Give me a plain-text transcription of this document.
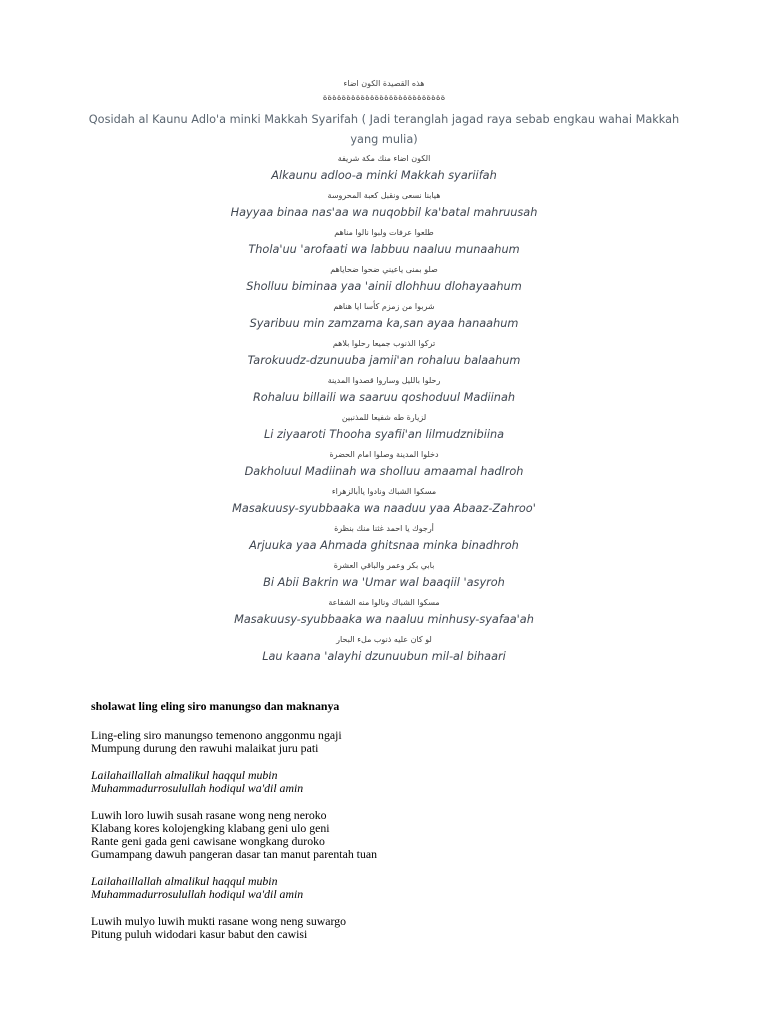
هذه القصيدة الكون اضاء
ةةةةةةةةةةةةةةةةةةةةةةةةةة
Qosidah al Kaunu Adlo'a minki Makkah Syarifah ( Jadi teranglah jagad raya sebab engkau wahai Makkah yang mulia)
الكون اضاء منك مكة شريفة
Alkaunu adloo-a minki Makkah syariifah
هيابنا نسعى ونقبل كعبة المحروسة
Hayyaa binaa nas'aa wa nuqobbil ka'batal mahruusah
طلعوا عرفات ولبوا نالوا مناهم
Thola'uu 'arofaati wa labbuu naaluu munaahum
صلو بمنى ياعيني ضحوا ضحاياهم
Sholluu biminaa yaa 'ainii dlohhuu dlohayaahum
شربوا من زمزم كأسا ايا هناهم
Syaribuu min zamzama ka,san ayaa hanaahum
تركوا الذنوب جميعا رحلوا بلاهم
Tarokuudz-dzunuuba jamii'an rohaluu balaahum
رحلوا بالليل وساروا قصدوا المدينة
Rohaluu billaili wa saaruu qoshoduul Madiinah
لزيارة طه شفيعا للمذنبين
Li ziyaaroti Thooha syafii'an lilmudznibiina
دخلوا المدينة وصلوا امام الحضرة
Dakholuul Madiinah wa sholluu amaamal hadlroh
مسكوا الشباك ونادوا ياأبالزهراء
Masakuusy-syubbaaka wa naaduu yaa Abaaz-Zahroo'
أرجوك يا احمد غثنا منك بنظرة
Arjuuka yaa Ahmada ghitsnaa minka binadhroh
بابي بكر وعمر والباقي العشرة
Bi Abii Bakrin wa 'Umar wal baaqiil 'asyroh
مسكوا الشباك ونالوا منه الشفاعة
Masakuusy-syubbaaka wa naaluu minhusy-syafaa'ah
لو كان عليه ذنوب ملء البحار
Lau kaana 'alayhi dzunuubun mil-al bihaari
sholawat ling eling siro manungso dan maknanya
Ling-eling siro manungso temenono anggonmu ngaji
Mumpung durung den rawuhi malaikat juru pati
Lailahaillallah almalikul haqqul mubin
Muhammadurrosulullah hodiqul wa'dil amin
Luwih loro luwih susah rasane wong neng neroko
Klabang kores kolojengking klabang geni ulo geni
Rante geni gada geni cawisane wongkang duroko
Gumampang dawuh pangeran dasar tan manut parentah tuan
Lailahaillallah almalikul haqqul mubin
Muhammadurrosulullah hodiqul wa'dil amin
Luwih mulyo luwih mukti rasane wong neng suwargo
Pitung puluh widodari kasur babut den cawisi
